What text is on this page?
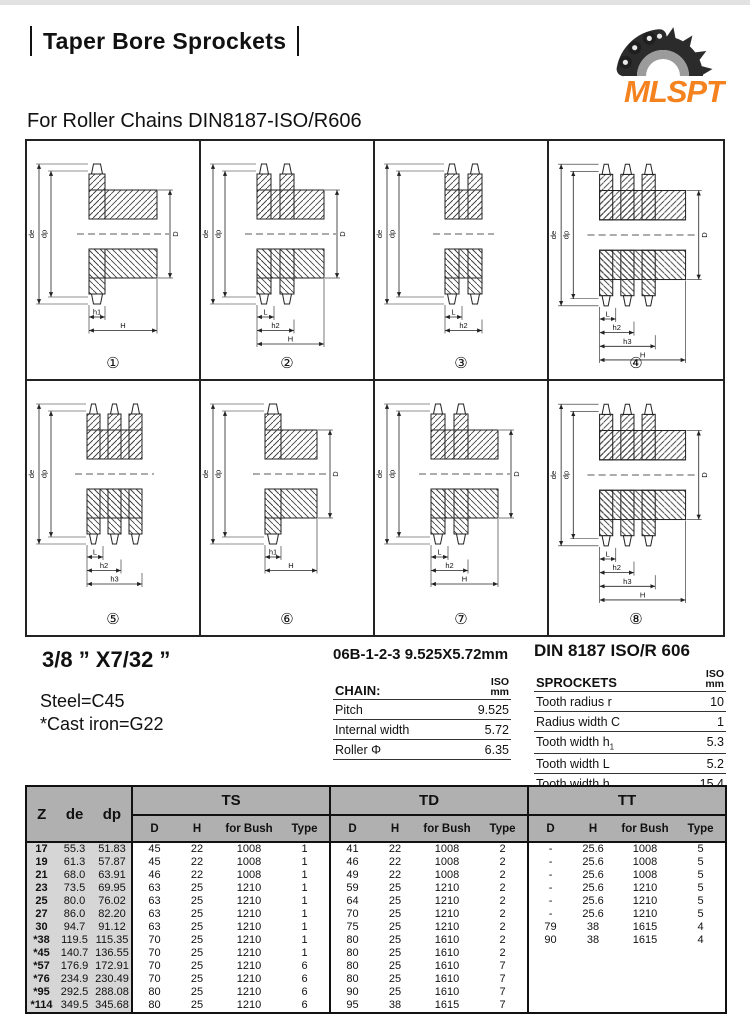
Taper Bore Sprockets
MLSPT
For Roller Chains DIN8187-ISO/R606
de dp	D
h1
H
①
de dp	D
L
h2
H
②
de dp
L
h2
③
de dp	D
L
h2
h3
H
④
de dp
L
h2
h3
⑤
de dp	D
h1
H
⑥
de dp	D
L
h2
H
⑦
de dp	D
L
h2
h3
H
⑧
3/8 ” X7/32 ”
Steel=C45
*Cast iron=G22
06B-1-2-3 9.525X5.72mm
CHAIN:
ISO
mm
Pitch	9.525
Internal width	5.72
Roller Φ	6.35
DIN 8187 ISO/R 606
SPROCKETS
ISO
mm
Tooth radius r	10
Radius width C	1
Tooth width $h_1$	5.3
Tooth width L	5.2
Z de dp			TS				TD				TT			
			D	H	for Bush	Type	D	H	for Bush	Type	D	H	for Bush	Type
17	55.3	51.83	45	22	1008	1	41	22	1008	2	-	25.6	1008	5
19	61.3	57.87	45	22	1008	1	46	22	1008	2	-	25.6	1008	5
21	68.0	63.91	46	22	1008	1	49	22	1008	2	-	25.6	1008	5
23	73.5	69.95	63	25	1210	1	59	25	1210	2	-	25.6	1210	5
25	80.0	76.02	63	25	1210	1	64	25	1210	2	-	25.6	1210	5
27	86.0	82.20	63	25	1210	1	70	25	1210	2	-	25.6	1210	5
30	94.7	91.12	63	25	1210	1	75	25	1210	2	79	38	1615	4
*38	119.5	115.35	70	25	1210	1	80	25	1610	2	90	38	1615	4
*45	140.7	136.55	70	25	1210	1	80	25	1610	2				
*57	176.9	172.91	70	25	1210	6	80	25	1610	7				
*76	234.9	230.49	70	25	1210	6	80	25	1610	7				
*95	292.5	288.08	80	25	1210	6	90	25	1610	7				
*114	349.5	345.68	80	25	1210	6	95	38	1615	7				
